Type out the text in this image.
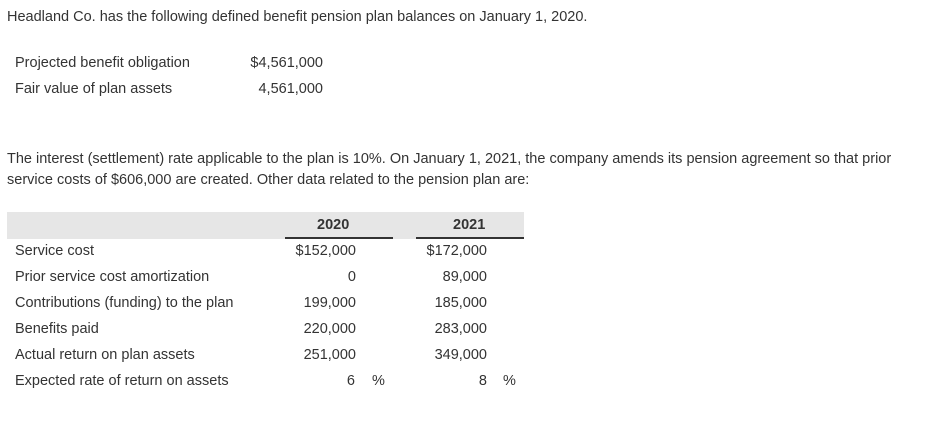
Headland Co. has the following defined benefit pension plan balances on January 1, 2020.
Projected benefit obligation	$4,561,000
Fair value of plan assets	4,561,000
The interest (settlement) rate applicable to the plan is 10%. On January 1, 2021, the company amends its pension agreement so that prior service costs of $606,000 are created. Other data related to the pension plan are:
2020	2021
Service cost	$152,000	$172,000
Prior service cost amortization	0	89,000
Contributions (funding) to the plan	199,000	185,000
Benefits paid	220,000	283,000
Actual return on plan assets	251,000	349,000
Expected rate of return on assets	6 %	8 %
